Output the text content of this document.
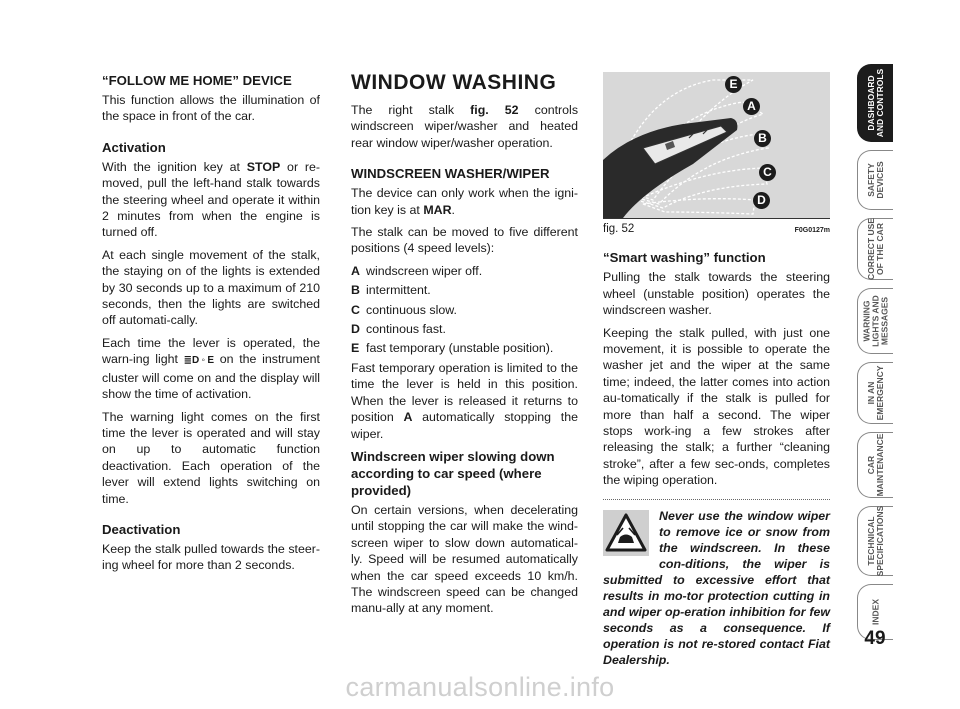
“FOLLOW ME HOME” DEVICE

This function allows the illumination of the space in front of the car.

Activation

With the ignition key at STOP or re-moved, pull the left-hand stalk towards the steering wheel and operate it within 2 minutes from when the engine is turned off.

At each single movement of the stalk, the staying on of the lights is extended by 30 seconds up to a maximum of 210 seconds, then the lights are switched off automati-cally.

Each time the lever is operated, the warn-ing light ≣D◦E on the instrument cluster will come on and the display will show the time of activation.

The warning light comes on the first time the lever is operated and will stay on up to automatic function deactivation. Each operation of the lever will extend lights switching on time.

Deactivation

Keep the stalk pulled towards the steer-ing wheel for more than 2 seconds.

WINDOW WASHING

The right stalk fig. 52 controls windscreen wiper/washer and heated rear window wiper/washer operation.

WINDSCREEN WASHER/WIPER

The device can only work when the igni-tion key is at MAR.

The stalk can be moved to five different positions (4 speed levels):

A windscreen wiper off.
B intermittent.
C continuous slow.
D continous fast.
E fast temporary (unstable position).

Fast temporary operation is limited to the time the lever is held in this position. When the lever is released it returns to position A automatically stopping the wiper.

Windscreen wiper slowing down according to car speed (where provided)

On certain versions, when decelerating until stopping the car will make the wind-screen wiper to slow down automatical-ly. Speed will be resumed automatically when the car speed exceeds 10 km/h. The windscreen speed can be changed manu-ally at any moment.

E
A
B
C
D
fig. 52	F0G0127m
“Smart washing” function

Pulling the stalk towards the steering wheel (unstable position) operates the windscreen washer.

Keeping the stalk pulled, with just one movement, it is possible to operate the washer jet and the wiper at the same time; indeed, the latter comes into action au-tomatically if the stalk is pulled for more than half a second. The wiper stops work-ing a few strokes after releasing the stalk; a further “cleaning stroke”, after a few sec-onds, completes the wiping operation.

Never use the window wiper to remove ice or snow from the windscreen. In these con-ditions, the wiper is submitted to excessive effort that results in mo-tor protection cutting in and wiper op-eration inhibition for few seconds as a consequence. If operation is not re-stored contact Fiat Dealership.
DASHBOARD
AND CONTROLS
SAFETY
DEVICES
CORRECT USE
OF THE CAR
WARNING
LIGHTS AND
MESSAGES
IN AN
EMERGENCY
CAR
MAINTENANCE
TECHNICAL
SPECIFICATIONS
INDEX
49
carmanualsonline.info
